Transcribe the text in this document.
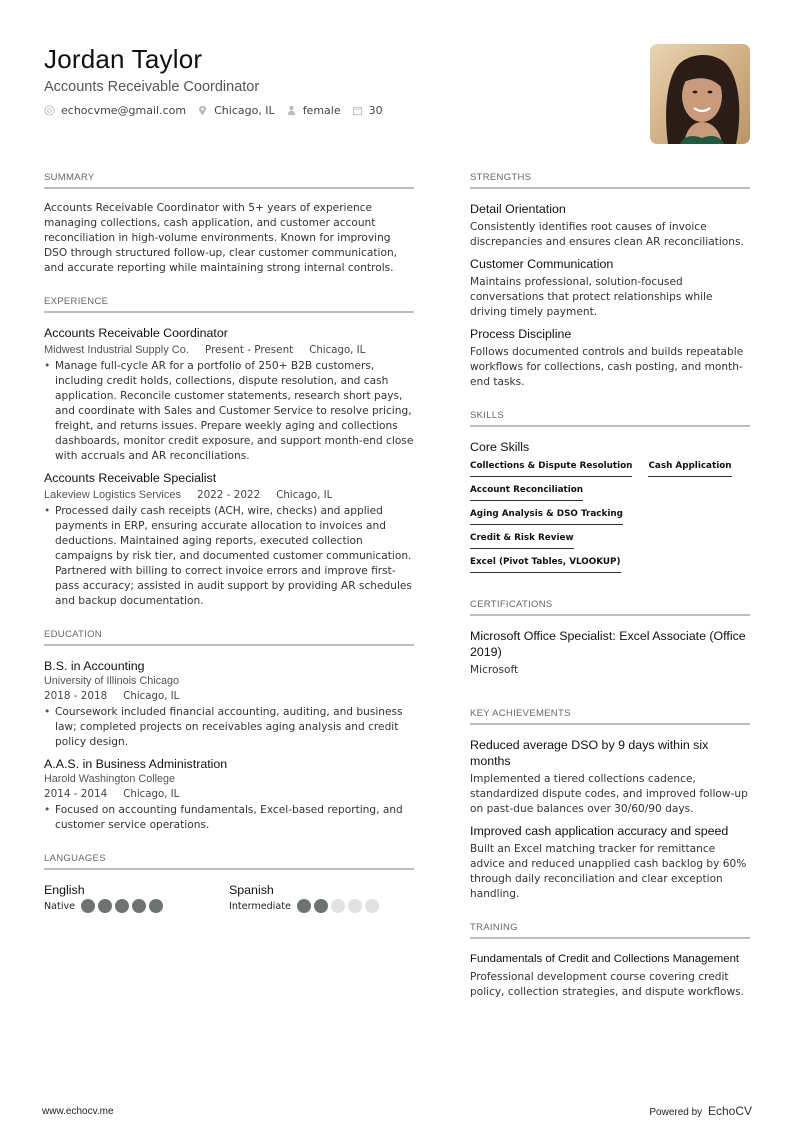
Jordan Taylor
Accounts Receivable Coordinator
echocvme@gmail.com	Chicago, IL	female	30
SUMMARY
Accounts Receivable Coordinator with 5+ years of experience managing collections, cash application, and customer account reconciliation in high-volume environments. Known for improving DSO through structured follow-up, clear customer communication, and accurate reporting while maintaining strong internal controls.
EXPERIENCE
Accounts Receivable Coordinator
Midwest Industrial Supply Co. Present - Present Chicago, IL
• Manage full-cycle AR for a portfolio of 250+ B2B customers, including credit holds, collections, dispute resolution, and cash application. Reconcile customer statements, research short pays, and coordinate with Sales and Customer Service to resolve pricing, freight, and returns issues. Prepare weekly aging and collections dashboards, monitor credit exposure, and support month-end close with accruals and AR reconciliations.
Accounts Receivable Specialist
Lakeview Logistics Services 2022 - 2022 Chicago, IL
• Processed daily cash receipts (ACH, wire, checks) and applied payments in ERP, ensuring accurate allocation to invoices and deductions. Maintained aging reports, executed collection campaigns by risk tier, and documented customer communication. Partnered with billing to correct invoice errors and improve first-pass accuracy; assisted in audit support by providing AR schedules and backup documentation.
EDUCATION
B.S. in Accounting
University of Illinois Chicago
2018 - 2018 Chicago, IL
• Coursework included financial accounting, auditing, and business law; completed projects on receivables aging analysis and credit policy design.
A.A.S. in Business Administration
Harold Washington College
2014 - 2014 Chicago, IL
• Focused on accounting fundamentals, Excel-based reporting, and customer service operations.
LANGUAGES
English
Native
Spanish
Intermediate
STRENGTHS
Detail Orientation
Consistently identifies root causes of invoice discrepancies and ensures clean AR reconciliations.
Customer Communication
Maintains professional, solution-focused conversations that protect relationships while driving timely payment.
Process Discipline
Follows documented controls and builds repeatable workflows for collections, cash posting, and month-end tasks.
SKILLS
Core Skills
Collections & Dispute Resolution Cash Application
Account Reconciliation
Aging Analysis & DSO Tracking
Credit & Risk Review
Excel (Pivot Tables, VLOOKUP)
CERTIFICATIONS
Microsoft Office Specialist: Excel Associate (Office 2019)
Microsoft
KEY ACHIEVEMENTS
Reduced average DSO by 9 days within six months
Implemented a tiered collections cadence, standardized dispute codes, and improved follow-up on past-due balances over 30/60/90 days.
Improved cash application accuracy and speed
Built an Excel matching tracker for remittance advice and reduced unapplied cash backlog by 60% through daily reconciliation and clear exception handling.
TRAINING
Fundamentals of Credit and Collections Management
Professional development course covering credit policy, collection strategies, and dispute workflows.
www.echocv.me	Powered by EchoCV
